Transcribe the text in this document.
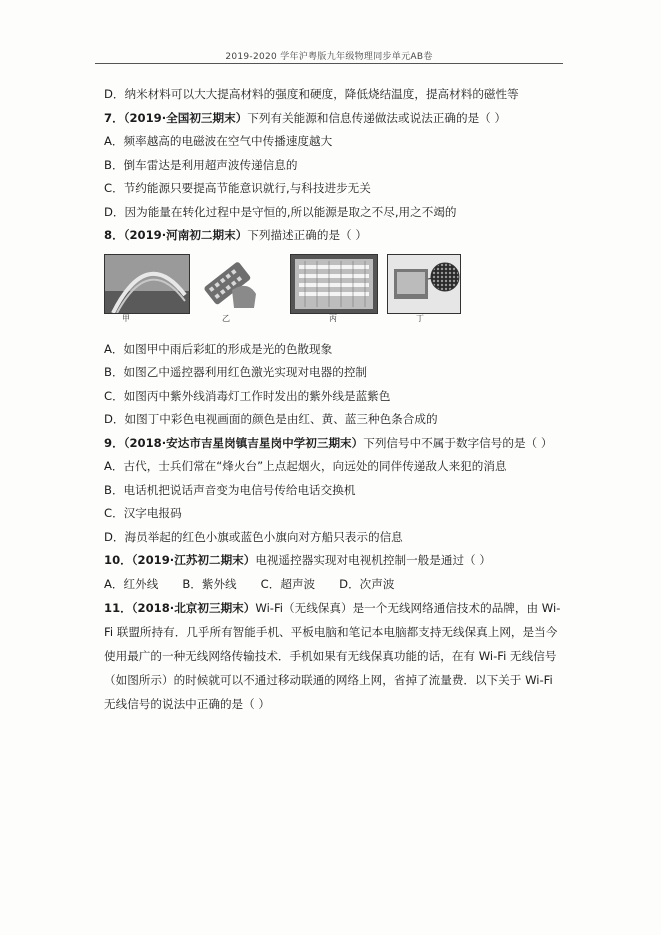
2019-2020 学年沪粤版九年级物理同步单元AB卷
D．纳米材料可以大大提高材料的强度和硬度，降低烧结温度，提高材料的磁性等
7．（2019·全国初三期末）下列有关能源和信息传递做法或说法正确的是（ ）
A．频率越高的电磁波在空气中传播速度越大
B．倒车雷达是利用超声波传递信息的
C．节约能源只要提高节能意识就行,与科技进步无关
D．因为能量在转化过程中是守恒的,所以能源是取之不尽,用之不竭的
8．（2019·河南初二期末）下列描述正确的是（ ）
甲	乙	丙	丁
A．如图甲中雨后彩虹的形成是光的色散现象
B．如图乙中遥控器利用红色激光实现对电器的控制
C．如图丙中紫外线消毒灯工作时发出的紫外线是蓝紫色
D．如图丁中彩色电视画面的颜色是由红、黄、蓝三种色条合成的
9．（2018·安达市吉星岗镇吉星岗中学初三期末）下列信号中不属于数字信号的是（ ）
A．古代，士兵们常在“烽火台”上点起烟火，向远处的同伴传递敌人来犯的消息
B．电话机把说话声音变为电信号传给电话交换机
C．汉字电报码
D．海员举起的红色小旗或蓝色小旗向对方船只表示的信息
10．（2019·江苏初二期末）电视遥控器实现对电视机控制一般是通过（ ）
A．红外线 B．紫外线 C．超声波 D．次声波
11．（2018·北京初三期末）Wi-Fi（无线保真）是一个无线网络通信技术的品牌，由 Wi-Fi 联盟所持有．几乎所有智能手机、平板电脑和笔记本电脑都支持无线保真上网，是当今使用最广的一种无线网络传输技术．手机如果有无线保真功能的话，在有 Wi-Fi 无线信号（如图所示）的时候就可以不通过移动联通的网络上网，省掉了流量费．以下关于 Wi-Fi 无线信号的说法中正确的是（ ）
